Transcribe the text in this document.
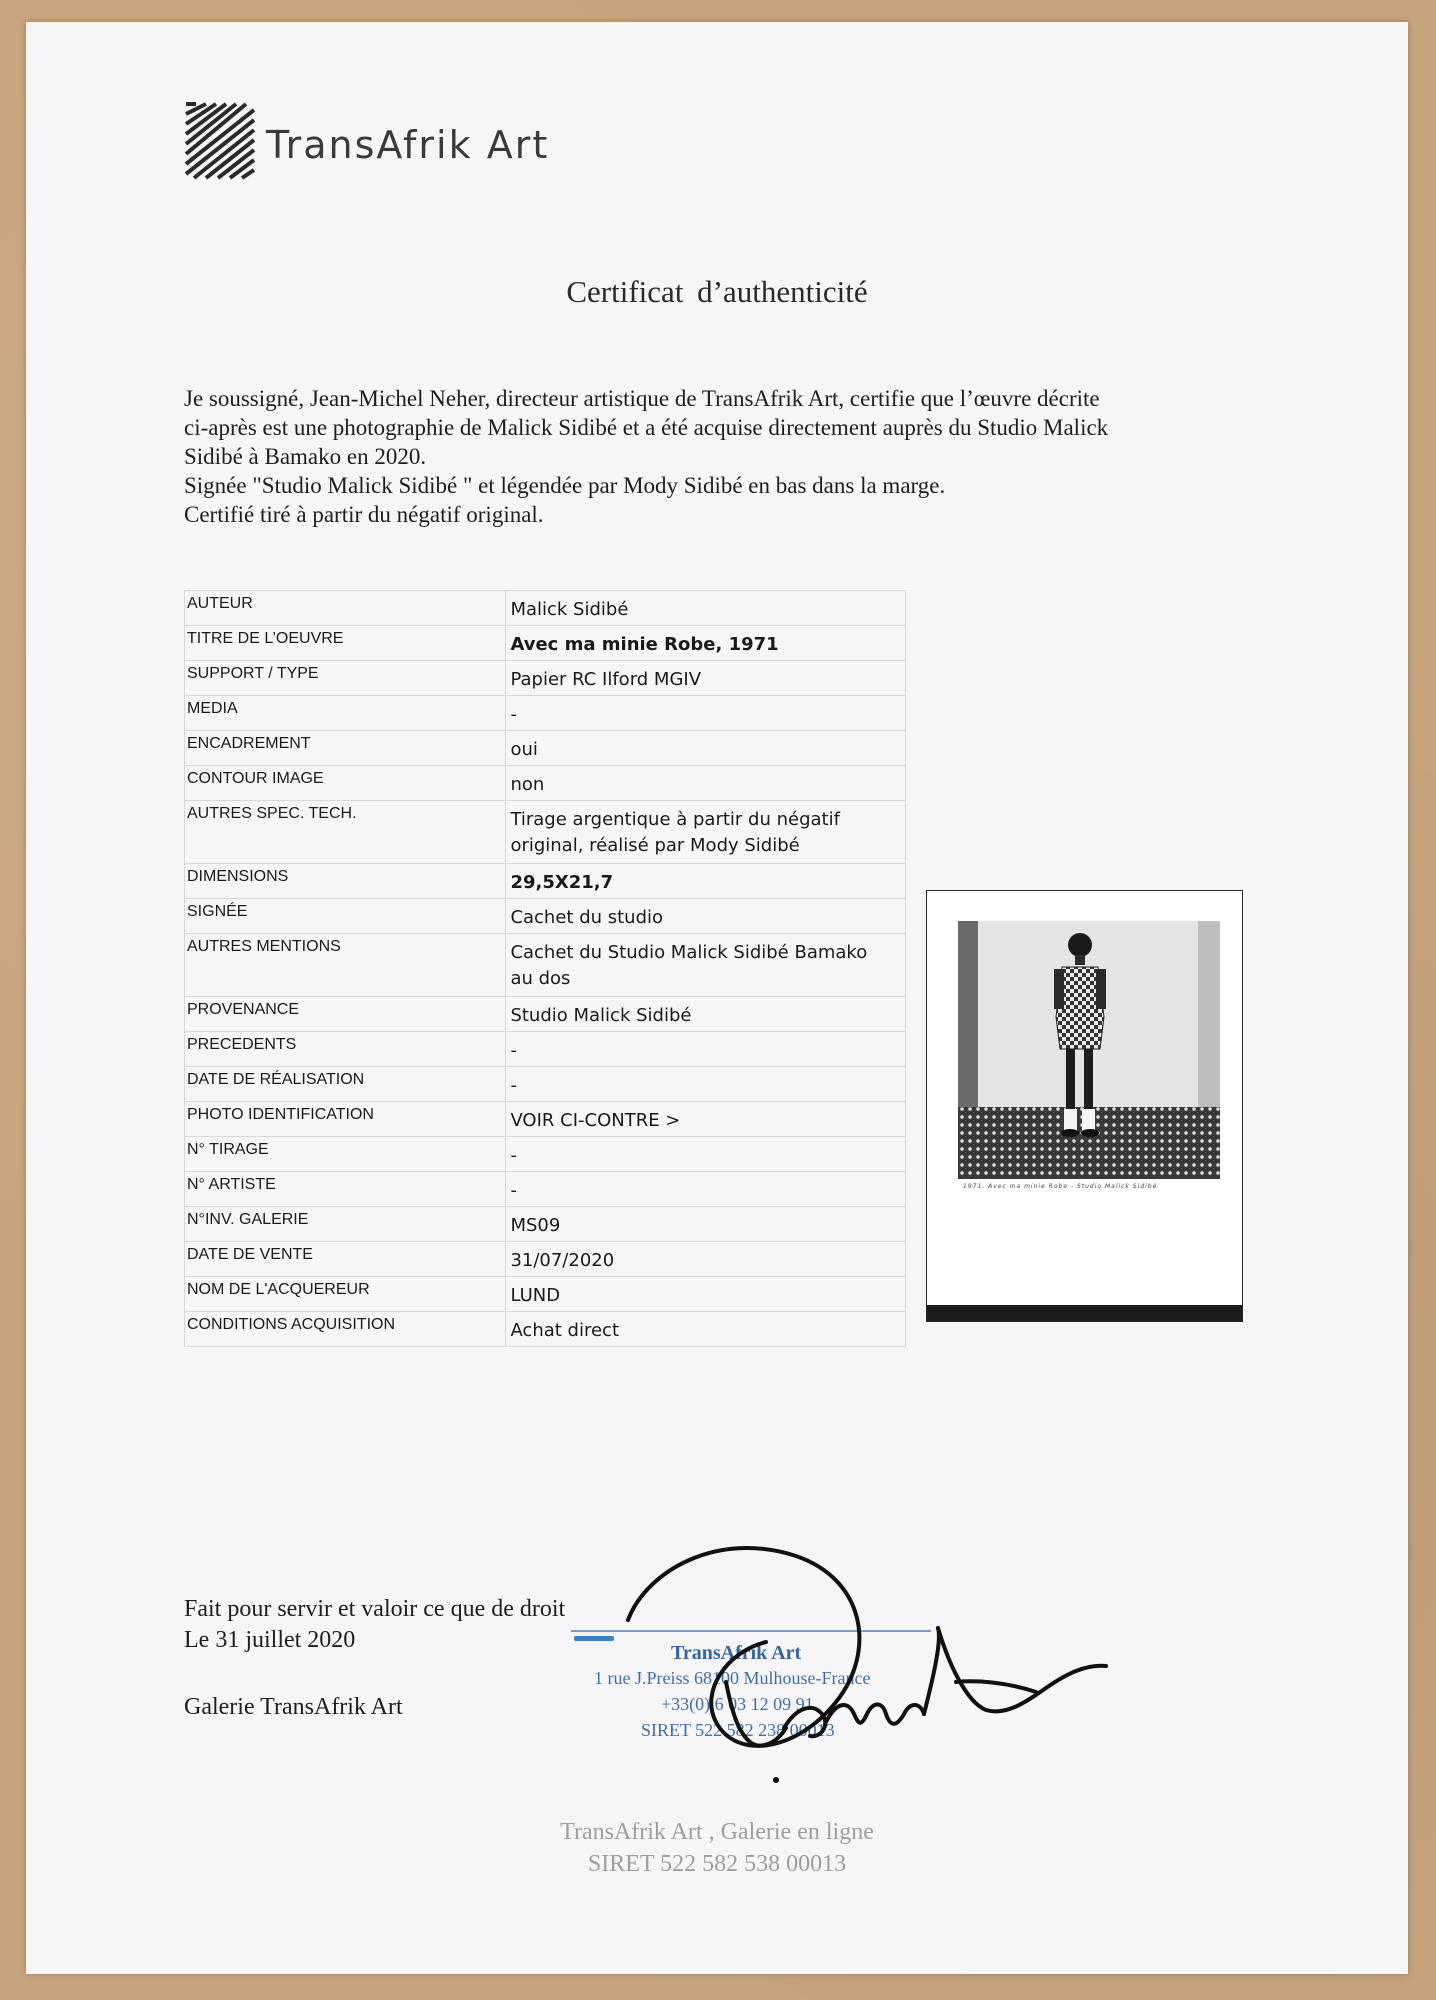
TransAfrik Art
Certificat d’authenticité
Je soussigné, Jean-Michel Neher, directeur artistique de TransAfrik Art, certifie que l’œuvre décrite
ci-après est une photographie de Malick Sidibé et a été acquise directement auprès du Studio Malick
Sidibé à Bamako en 2020.
Signée "Studio Malick Sidibé " et légendée par Mody Sidibé en bas dans la marge.
Certifié tiré à partir du négatif original.
AUTEUR	Malick Sidibé
TITRE DE L’OEUVRE	Avec ma minie Robe, 1971
SUPPORT / TYPE	Papier RC Ilford MGIV
MEDIA	-
ENCADREMENT	oui
CONTOUR IMAGE	non
AUTRES SPEC. TECH.	Tirage argentique à partir du négatif
original, réalisé par Mody Sidibé

DIMENSIONS	29,5X21,7
SIGNÉE	Cachet du studio
AUTRES MENTIONS	Cachet du Studio Malick Sidibé Bamako
au dos

PROVENANCE	Studio Malick Sidibé
PRECEDENTS	-
DATE DE RÉALISATION	-
PHOTO IDENTIFICATION	VOIR CI-CONTRE >
N° TIRAGE	-
N° ARTISTE	-
N°INV. GALERIE	MS09
DATE DE VENTE	31/07/2020
NOM DE L'ACQUEREUR	LUND
CONDITIONS ACQUISITION	Achat direct
1971. Avec ma minie Robe - Studio Malick Sidibé
Fait pour servir et valoir ce que de droit
Le 31 juillet 2020
Galerie TransAfrik Art
TransAfrik Art
1 rue J.Preiss 68100 Mulhouse-France
+33(0) 6 03 12 09 91
SIRET 522 582 238 00013
TransAfrik Art , Galerie en ligne
SIRET 522 582 538 00013
